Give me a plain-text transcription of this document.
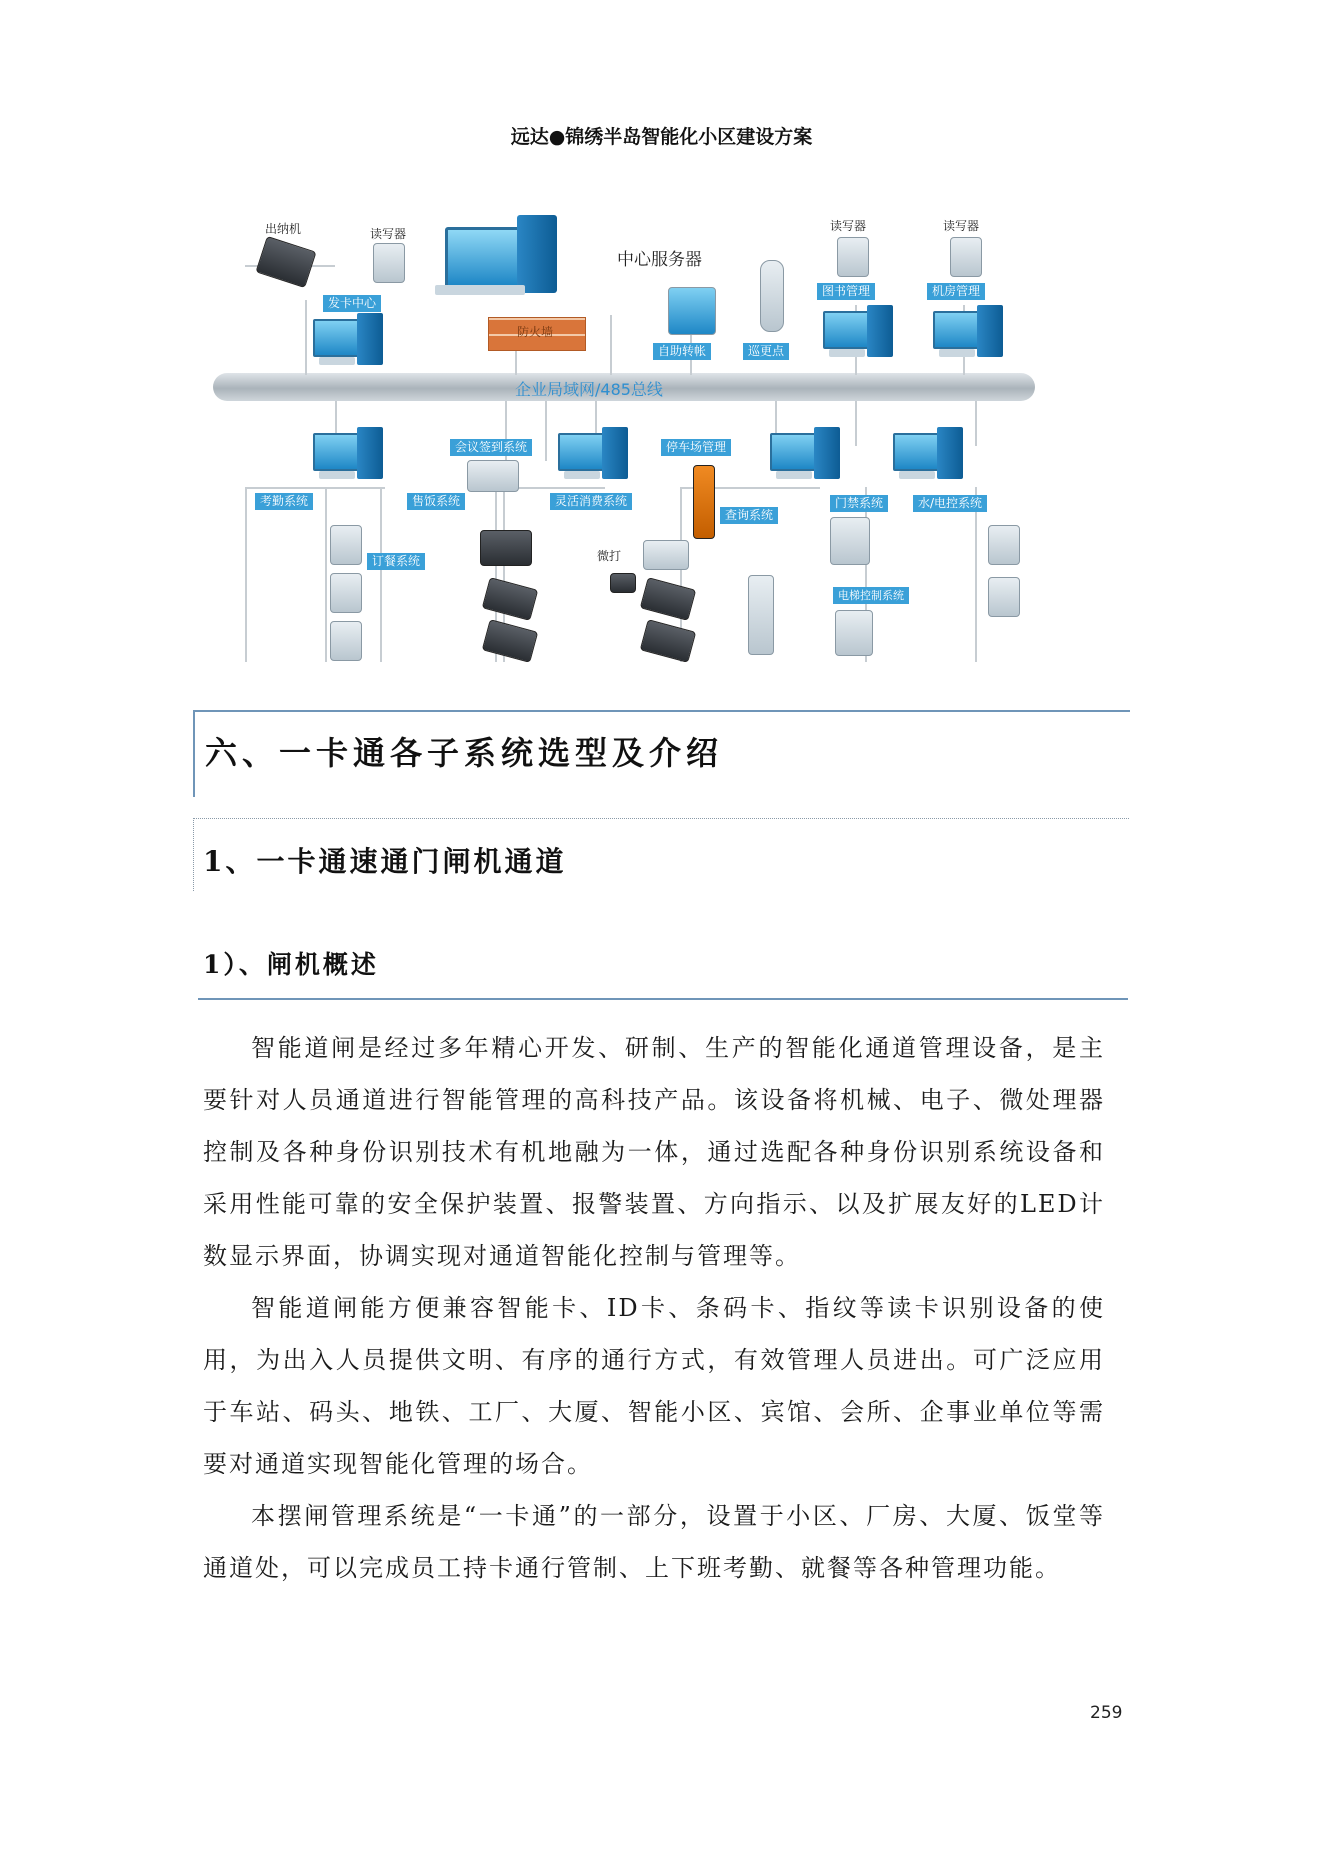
远达●锦绣半岛智能化小区建设方案
企业局域网/485总线
出纳机	读写器
发卡中心
中心服务器
防火墙
自助转帐	巡更点
读写器
图书管理
读写器
机房管理
考勤系统
订餐系统
会议签到系统
售饭系统	灵活消费系统
微打
停车场管理
查询系统
门禁系统
电梯控制系统
水/电控系统
六、一卡通各子系统选型及介绍
1、一卡通速通门闸机通道
1）、闸机概述

智能道闸是经过多年精心开发、研制、生产的智能化通道管理设备，是主要针对人员通道进行智能管理的高科技产品。该设备将机械、电子、微处理器控制及各种身份识别技术有机地融为一体，通过选配各种身份识别系统设备和采用性能可靠的安全保护装置、报警装置、方向指示、以及扩展友好的LED计数显示界面，协调实现对通道智能化控制与管理等。

智能道闸能方便兼容智能卡、ID卡、条码卡、指纹等读卡识别设备的使用，为出入人员提供文明、有序的通行方式，有效管理人员进出。可广泛应用于车站、码头、地铁、工厂、大厦、智能小区、宾馆、会所、企事业单位等需要对通道实现智能化管理的场合。

本摆闸管理系统是“一卡通”的一部分，设置于小区、厂房、大厦、饭堂等通道处，可以完成员工持卡通行管制、上下班考勤、就餐等各种管理功能。

259
